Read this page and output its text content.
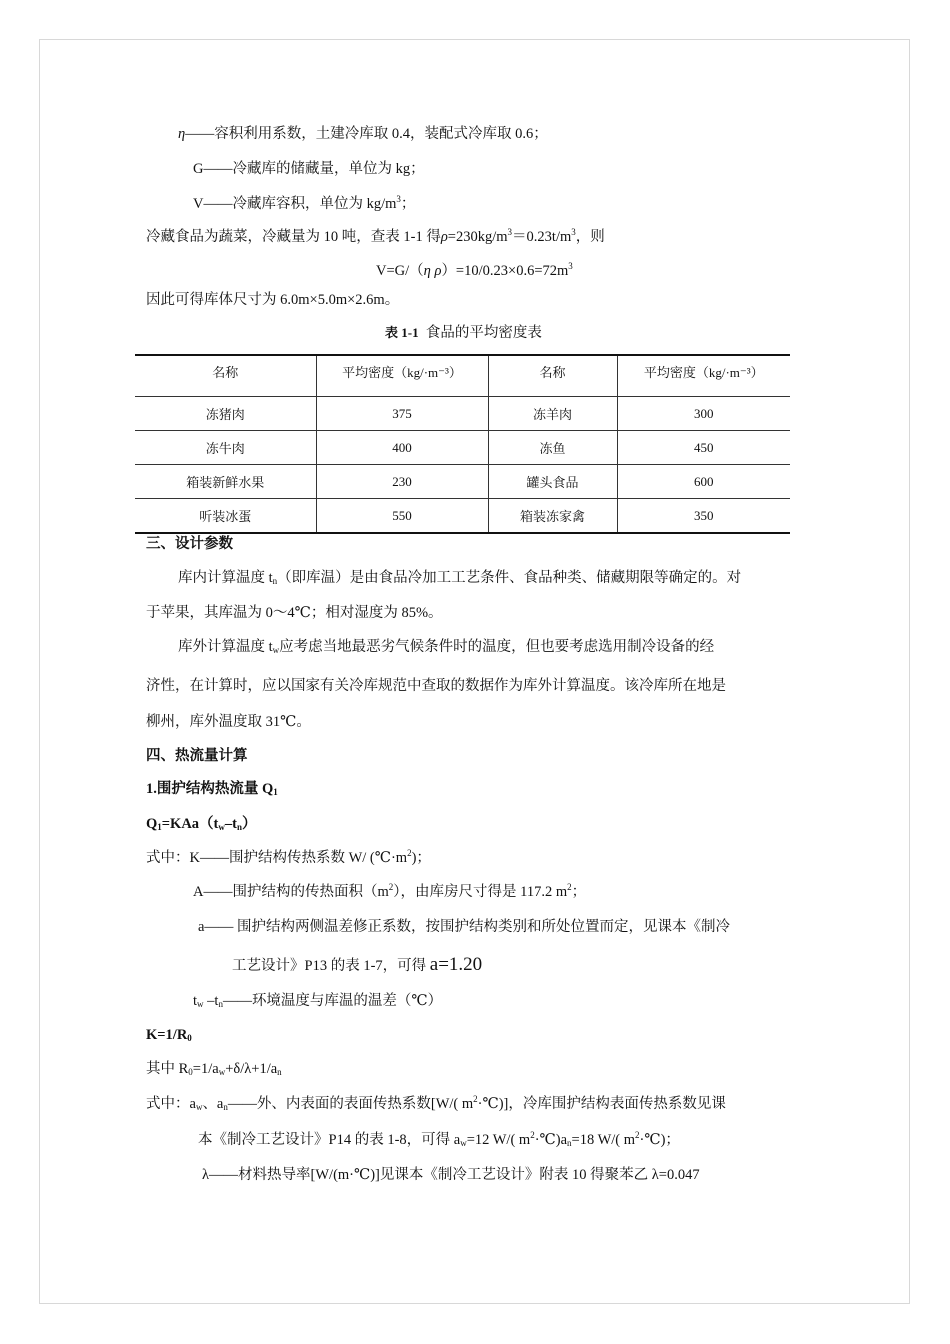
η——容积利用系数，土建冷库取 0.4，装配式冷库取 0.6；
G——冷藏库的储藏量，单位为 kg；
V——冷藏库容积，单位为 $kg/m^3$；
冷藏食品为蔬菜，冷藏量为 10 吨，查表 1-1 得$\rho=230kg/m^3=0.23t/m^3$，则
V=G/（η $\rho)=10/0.23\times 0.6=72m^3$
因此可得库体尺寸为 6.0m×5.0m×2.6m。
表 1-1 食品的平均密度表
名称	平均密度（kg/·m⁻³）	名称	平均密度（kg/·m⁻³）
冻猪肉	375	冻羊肉	300
冻牛肉	400	冻鱼	450
箱装新鲜水果	230	罐头食品	600
听装冰蛋	550	箱装冻家禽	350
三、设计参数
库内计算温度 $t_n$（即库温）是由食品冷加工工艺条件、食品种类、储藏期限等确定的。对
于苹果，其库温为 0～4℃；相对湿度为 85%。
库外计算温度 $t_w$应考虑当地最恶劣气候条件时的温度，但也要考虑选用制冷设备的经
济性，在计算时，应以国家有关冷库规范中查取的数据作为库外计算温度。该冷库所在地是
柳州，库外温度取 31℃。
四、热流量计算
1.围护结构热流量 $Q_1$
$Q_1=KAa(t_w-t_n)$
式中：K——围护结构传热系数 W/ $(℃\cdot m^2)$；
A——围护结构的传热面积$(m^2)$，由库房尺寸得是 117.2 $m^2$；
a—— 围护结构两侧温差修正系数，按围护结构类别和所处位置而定，见课本《制冷
工艺设计》P13 的表 1-7，可得 a=1.20
$t_w$ $-t_n——$环境温度与库温的温差（℃）
$K=1/R_0$
其中 $R_0=1/a_w+\delta/\lambda+1/a_n$
式中：$a_w$、$a_n——$外、内表面的表面传热系数[W/( $m^2\cdot℃$)]，冷库围护结构表面传热系数见课
本《制冷工艺设计》P14 的表 1-8，可得 $a_w=12$ W/( $m^2\cdot℃)a_n=18$ W/( $m^2\cdot℃$)；
λ——材料热导率[W/(m·℃)]见课本《制冷工艺设计》附表 10 得聚苯乙 λ=0.047
